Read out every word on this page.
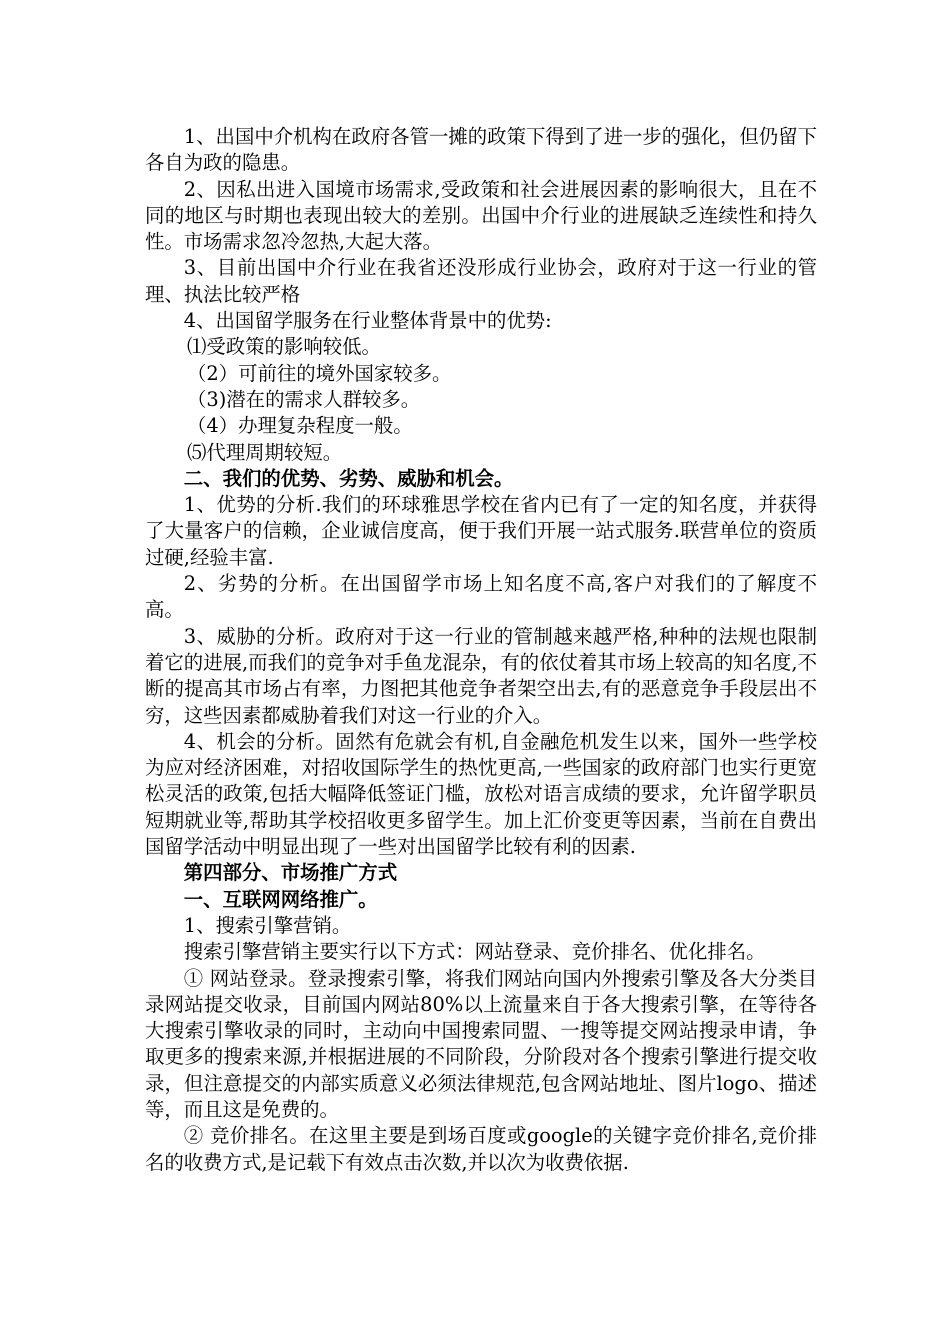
1、出国中介机构在政府各管一摊的政策下得到了进一步的强化，但仍留下各自为政的隐患。

2、因私出进入国境市场需求,受政策和社会进展因素的影响很大，且在不同的地区与时期也表现出较大的差别。出国中介行业的进展缺乏连续性和持久性。市场需求忽冷忽热,大起大落。

3、目前出国中介行业在我省还没形成行业协会，政府对于这一行业的管理、执法比较严格

4、出国留学服务在行业整体背景中的优势:

⑴受政策的影响较低。

（2）可前往的境外国家较多。

（3)潜在的需求人群较多。

（4）办理复杂程度一般。

⑸代理周期较短。

二、我们的优势、劣势、威胁和机会。

1、优势的分析.我们的环球雅思学校在省内已有了一定的知名度，并获得了大量客户的信赖，企业诚信度高，便于我们开展一站式服务.联营单位的资质过硬,经验丰富.

2、劣势的分析。在出国留学市场上知名度不高,客户对我们的了解度不高。

3、威胁的分析。政府对于这一行业的管制越来越严格,种种的法规也限制着它的进展,而我们的竞争对手鱼龙混杂，有的依仗着其市场上较高的知名度,不断的提高其市场占有率，力图把其他竞争者架空出去,有的恶意竞争手段层出不穷，这些因素都威胁着我们对这一行业的介入。

4、机会的分析。固然有危就会有机,自金融危机发生以来，国外一些学校为应对经济困难，对招收国际学生的热忱更高,一些国家的政府部门也实行更宽松灵活的政策,包括大幅降低签证门槛，放松对语言成绩的要求，允许留学职员短期就业等,帮助其学校招收更多留学生。加上汇价变更等因素，当前在自费出国留学活动中明显出现了一些对出国留学比较有利的因素.

第四部分、市场推广方式

一、互联网网络推广。

1、搜索引擎营销。

搜索引擎营销主要实行以下方式：网站登录、竞价排名、优化排名。

① 网站登录。登录搜索引擎，将我们网站向国内外搜索引擎及各大分类目录网站提交收录，目前国内网站80%以上流量来自于各大搜索引擎，在等待各大搜索引擎收录的同时，主动向中国搜索同盟、一搜等提交网站搜录申请，争取更多的搜索来源,并根据进展的不同阶段，分阶段对各个搜索引擎进行提交收录，但注意提交的内部实质意义必须法律规范,包含网站地址、图片logo、描述等，而且这是免费的。

② 竞价排名。在这里主要是到场百度或google的关键字竞价排名,竞价排名的收费方式,是记载下有效点击次数,并以次为收费依据.
